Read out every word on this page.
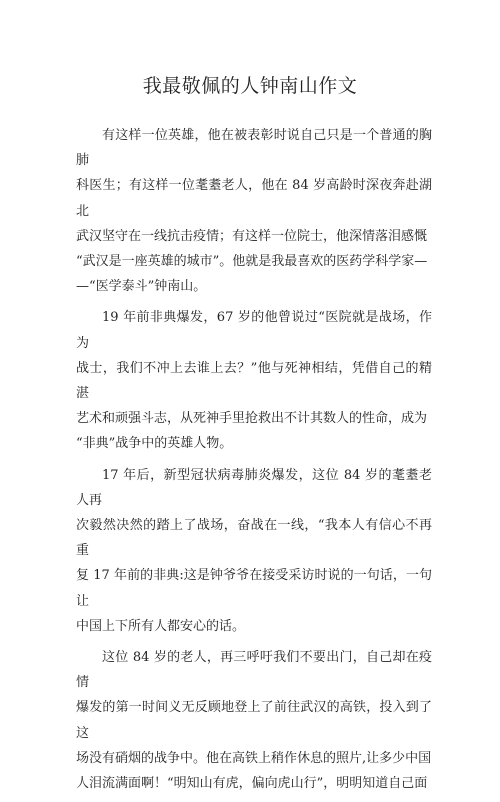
我最敬佩的人钟南山作文

有这样一位英雄，他在被表彰时说自己只是一个普通的胸肺
科医生；有这样一位耄耋老人，他在 84 岁高龄时深夜奔赴湖北
武汉坚守在一线抗击疫情；有这样一位院士，他深情落泪感慨
“武汉是一座英雄的城市”。他就是我最喜欢的医药学科学家—
—“医学泰斗”钟南山。

19 年前非典爆发，67 岁的他曾说过“医院就是战场，作为
战士，我们不冲上去谁上去？”他与死神相结，凭借自己的精湛
艺术和顽强斗志，从死神手里抢救出不计其数人的性命，成为
“非典”战争中的英雄人物。

17 年后，新型冠状病毒肺炎爆发，这位 84 岁的耄耋老人再
次毅然决然的踏上了战场，奋战在一线，“我本人有信心不再重
复 17 年前的非典:这是钟爷爷在接受采访时说的一句话，一句让
中国上下所有人都安心的话。

这位 84 岁的老人，再三呼吁我们不要出门，自己却在疫情
爆发的第一时间义无反顾地登上了前往武汉的高铁，投入到了这
场没有硝烟的战争中。他在高铁上稍作休息的照片,让多少中国
人泪流满面啊！“明知山有虎，偏向虎山行”，明明知道自己面
